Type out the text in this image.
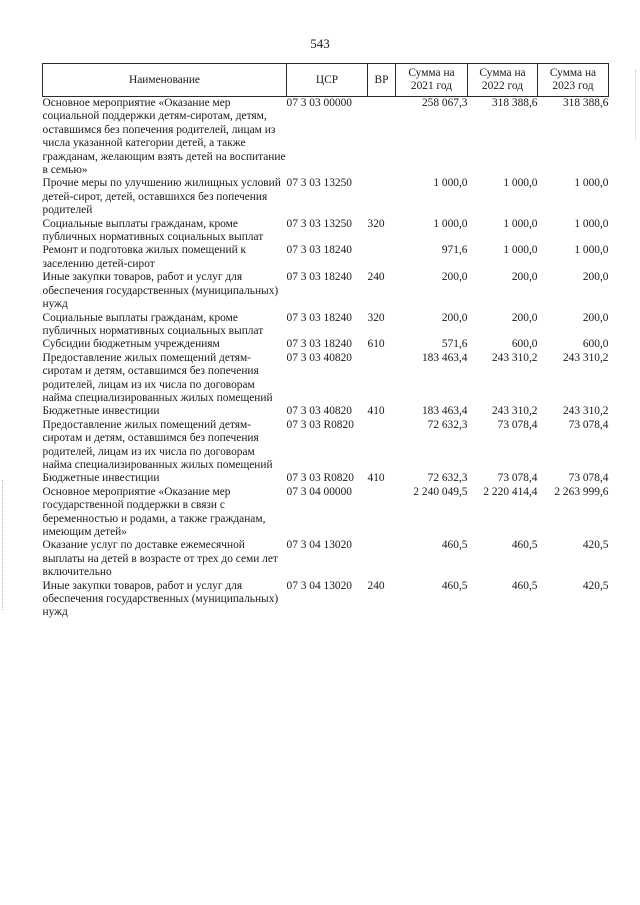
543
Наименование	ЦСР	ВР	Сумма на 2021 год	Сумма на 2022 год	Сумма на 2023 год
Основное мероприятие «Оказание мер социальной поддержки детям-сиротам, детям, оставшимся без попечения родителей, лицам из числа указанной категории детей, а также гражданам, желающим взять детей на воспитание в семью»	07 3 03 00000		258 067,3	318 388,6	318 388,6
Прочие меры по улучшению жилищных условий детей-сирот, детей, оставшихся без попечения родителей	07 3 03 13250		1 000,0	1 000,0	1 000,0
Социальные выплаты гражданам, кроме публичных нормативных социальных выплат	07 3 03 13250	320	1 000,0	1 000,0	1 000,0
Ремонт и подготовка жилых помещений к заселению детей-сирот	07 3 03 18240		971,6	1 000,0	1 000,0
Иные закупки товаров, работ и услуг для обеспечения государственных (муниципальных) нужд	07 3 03 18240	240	200,0	200,0	200,0
Социальные выплаты гражданам, кроме публичных нормативных социальных выплат	07 3 03 18240	320	200,0	200,0	200,0
Субсидии бюджетным учреждениям	07 3 03 18240	610	571,6	600,0	600,0
Предоставление жилых помещений детям-сиротам и детям, оставшимся без попечения родителей, лицам из их числа по договорам найма специализированных жилых помещений	07 3 03 40820		183 463,4	243 310,2	243 310,2
Бюджетные инвестиции	07 3 03 40820	410	183 463,4	243 310,2	243 310,2
Предоставление жилых помещений детям-сиротам и детям, оставшимся без попечения родителей, лицам из их числа по договорам найма специализированных жилых помещений	07 3 03 R0820		72 632,3	73 078,4	73 078,4
Бюджетные инвестиции	07 3 03 R0820	410	72 632,3	73 078,4	73 078,4
Основное мероприятие «Оказание мер государственной поддержки в связи с беременностью и родами, а также гражданам, имеющим детей»	07 3 04 00000		2 240 049,5	2 220 414,4	2 263 999,6
Оказание услуг по доставке ежемесячной выплаты на детей в возрасте от трех до семи лет включительно	07 3 04 13020		460,5	460,5	420,5
Иные закупки товаров, работ и услуг для обеспечения государственных (муниципальных) нужд	07 3 04 13020	240	460,5	460,5	420,5
